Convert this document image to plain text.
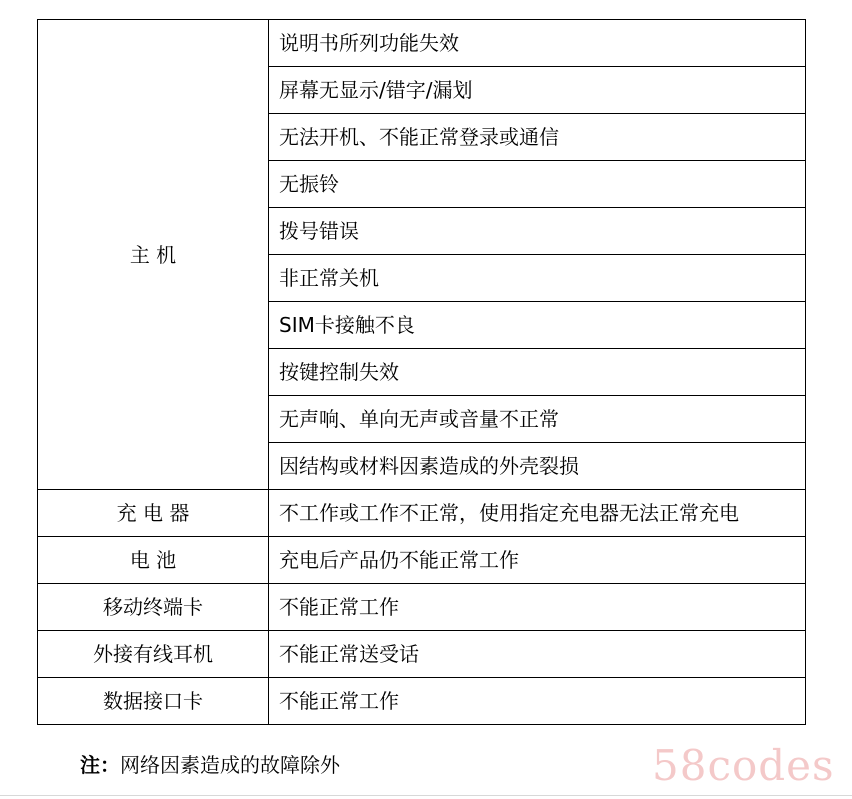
主 机	说明书所列功能失效
	屏幕无显示/错字/漏划
	无法开机、不能正常登录或通信
	无振铃
	拨号错误
	非正常关机
	SIM卡接触不良
	按键控制失效
	无声响、单向无声或音量不正常
	因结构或材料因素造成的外壳裂损
充 电 器	不工作或工作不正常，使用指定充电器无法正常充电
电 池	充电后产品仍不能正常工作
移动终端卡	不能正常工作
外接有线耳机	不能正常送受话
数据接口卡	不能正常工作
注：网络因素造成的故障除外	58codes
